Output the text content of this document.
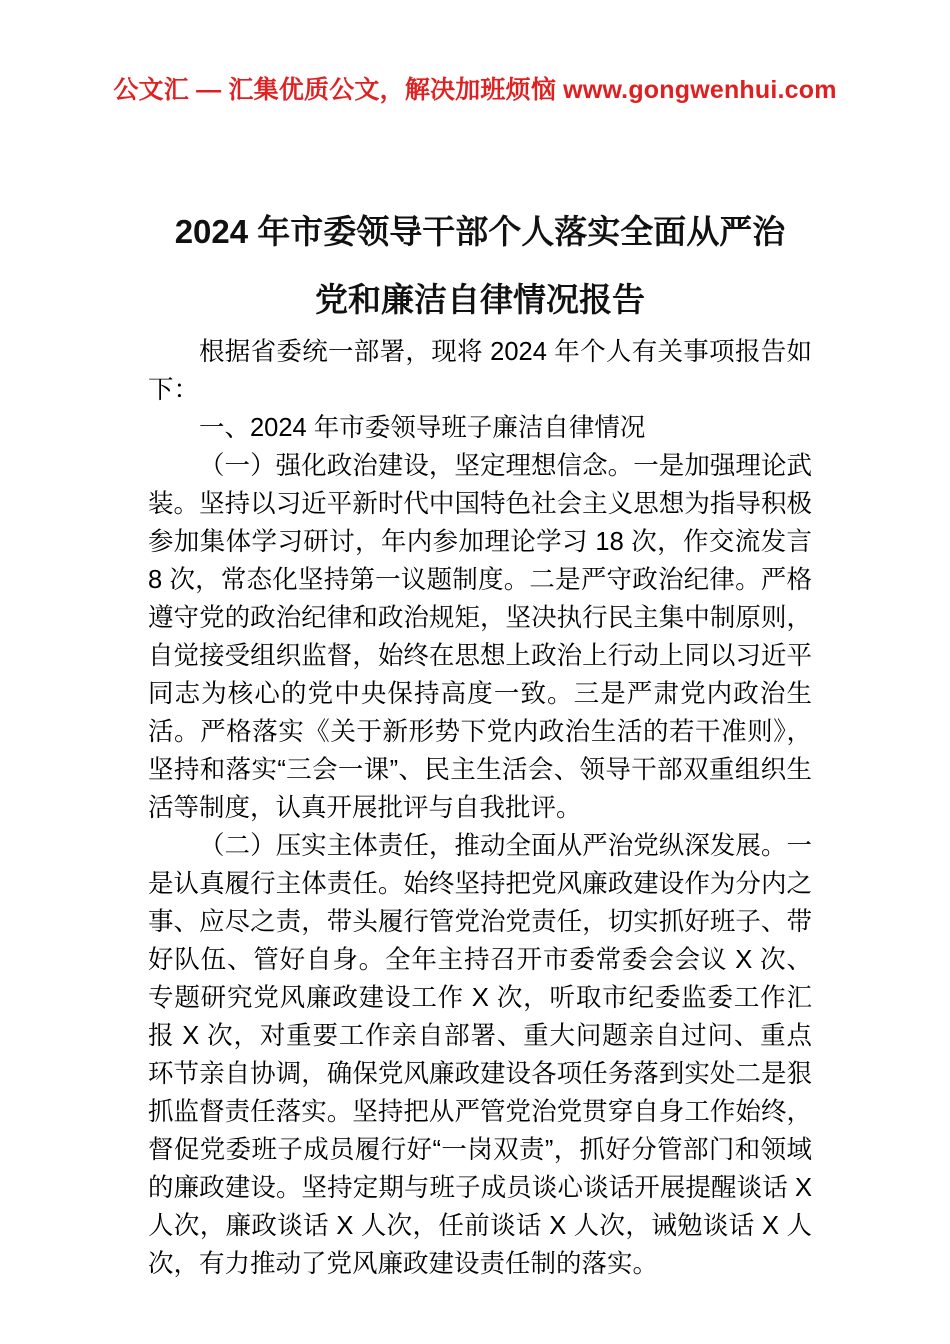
公文汇 — 汇集优质公文，解决加班烦恼 www.gongwenhui.com
2024 年市委领导干部个人落实全面从严治
党和廉洁自律情况报告

根据省委统一部署，现将 2024 年个人有关事项报告如下：

一、2024 年市委领导班子廉洁自律情况

（一）强化政治建设，坚定理想信念。一是加强理论武装。坚持以习近平新时代中国特色社会主义思想为指导积极参加集体学习研讨，年内参加理论学习 18 次，作交流发言 8 次，常态化坚持第一议题制度。二是严守政治纪律。严格遵守党的政治纪律和政治规矩，坚决执行民主集中制原则，自觉接受组织监督，始终在思想上政治上行动上同以习近平同志为核心的党中央保持高度一致。三是严肃党内政治生活。严格落实《关于新形势下党内政治生活的若干准则》，坚持和落实“三会一课”、民主生活会、领导干部双重组织生活等制度，认真开展批评与自我批评。

（二）压实主体责任，推动全面从严治党纵深发展。一是认真履行主体责任。始终坚持把党风廉政建设作为分内之事、应尽之责，带头履行管党治党责任，切实抓好班子、带好队伍、管好自身。全年主持召开市委常委会会议 X 次、专题研究党风廉政建设工作 X 次，听取市纪委监委工作汇报 X 次，对重要工作亲自部署、重大问题亲自过问、重点环节亲自协调，确保党风廉政建设各项任务落到实处二是狠抓监督责任落实。坚持把从严管党治党贯穿自身工作始终，督促党委班子成员履行好“一岗双责”，抓好分管部门和领域的廉政建设。坚持定期与班子成员谈心谈话开展提醒谈话 X 人次，廉政谈话 X 人次，任前谈话 X 人次，诫勉谈话 X 人次，有力推动了党风廉政建设责任制的落实。
